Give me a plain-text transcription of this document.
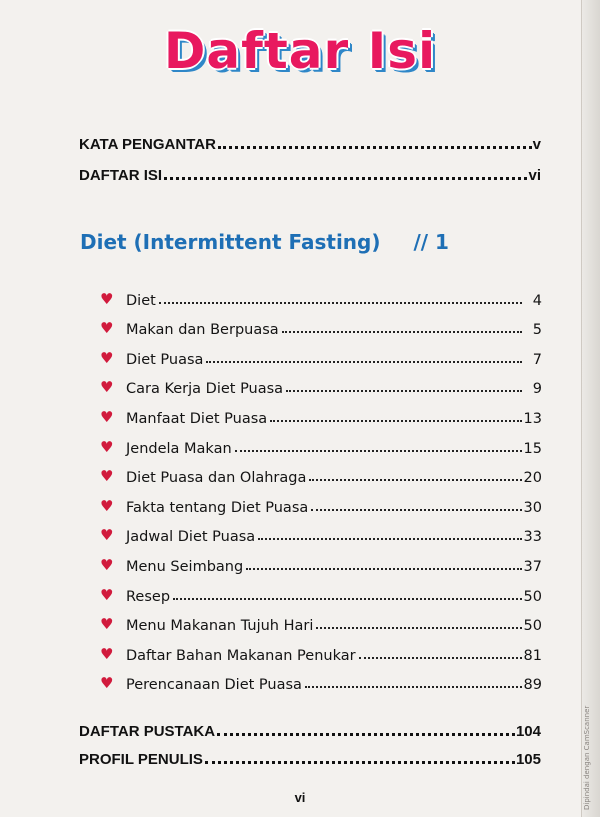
Daftar Isi
KATA PENGANTAR	v
DAFTAR ISI	vi
Diet (Intermittent Fasting) // 1
♥ Diet	4
♥ Makan dan Berpuasa	5
♥ Diet Puasa	7
♥ Cara Kerja Diet Puasa	9
♥ Manfaat Diet Puasa	13
♥ Jendela Makan	15
♥ Diet Puasa dan Olahraga	20
♥ Fakta tentang Diet Puasa	30
♥ Jadwal Diet Puasa	33
♥ Menu Seimbang	37
♥ Resep	50
♥ Menu Makanan Tujuh Hari	50
♥ Daftar Bahan Makanan Penukar	81
♥ Perencanaan Diet Puasa	89
DAFTAR PUSTAKA	104
PROFIL PENULIS	105
vi	Dipindai dengan CamScanner
